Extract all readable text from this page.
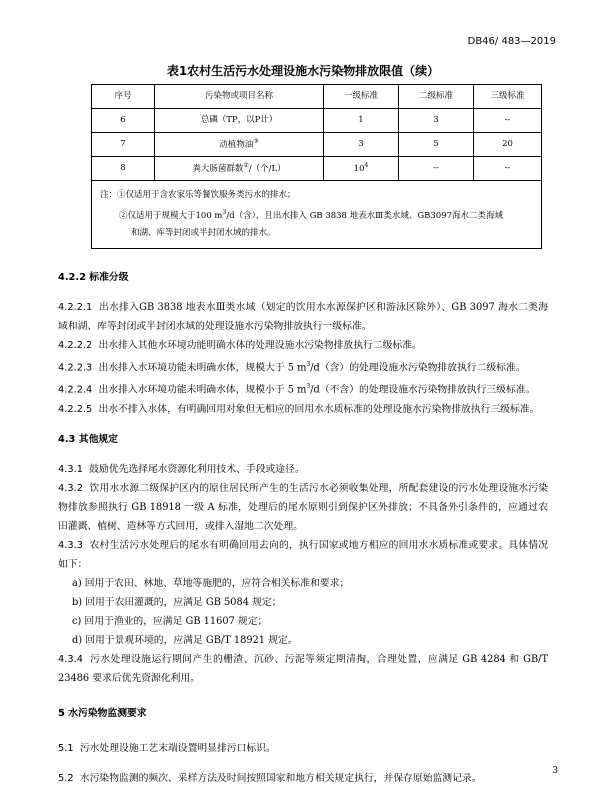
DB46/ 483—2019
表1农村生活污水处理设施水污染物排放限值（续）
序号	污染物或项目名称	一级标准	二级标准	三级标准
6	总磷（TP，以P计）	1	3	--
7	动植物油③	3	5	20
8	粪大肠菌群数②/（个/L）	$10^4$	--	--

注：①仅适用于含农家乐等餐饮服务类污水的排水；
②仅适用于规模大于100 $m^3/d$（含），且出水排入 GB 3838 地表水Ⅲ类水域、GB3097海水二类海域
和湖、库等封闭或半封闭水域的排水。				

4.2.2 标准分级

4.2.2.1 出水排入GB 3838 地表水Ⅲ类水域（划定的饮用水水源保护区和游泳区除外）、GB 3097 海水二类海域和湖、库等封闭或半封闭水域的处理设施水污染物排放执行一级标准。

4.2.2.2 出水排入其他水环境功能明确水体的处理设施水污染物排放执行二级标准。

4.2.2.3 出水排入水环境功能未明确水体，规模大于 5 $m^3/d$（含）的处理设施水污染物排放执行二级标准。

4.2.2.4 出水排入水环境功能未明确水体，规模小于 5 $m^3/d$（不含）的处理设施水污染物排放执行三级标准。

4.2.2.5 出水不排入水体，有明确回用对象但无相应的回用水水质标准的处理设施水污染物排放执行三级标准。

4.3 其他规定

4.3.1 鼓励优先选择尾水资源化利用技术、手段或途径。

4.3.2 饮用水水源二级保护区内的原住居民所产生的生活污水必须收集处理，所配套建设的污水处理设施水污染物排放参照执行 GB 18918 一级 A 标准，处理后的尾水原则引到保护区外排放；不具备外引条件的，应通过农田灌溉、植树、造林等方式回用，或排入湿地二次处理。

4.3.3 农村生活污水处理后的尾水有明确回用去向的，执行国家或地方相应的回用水水质标准或要求。具体情况如下：

a) 回用于农田、林地、草地等施肥的，应符合相关标准和要求；

b) 回用于农田灌溉的，应满足 GB 5084 规定；

c) 回用于渔业的，应满足 GB 11607 规定；

d) 回用于景观环境的，应满足 GB/T 18921 规定。

4.3.4 污水处理设施运行期间产生的栅渣、沉砂、污泥等须定期清掏，合理处置，应满足 GB 4284 和 GB/T 23486 要求后优先资源化利用。

5 水污染物监测要求

5.1 污水处理设施工艺末端设置明显排污口标识。

5.2 水污染物监测的频次、采样方法及时间按照国家和地方相关规定执行，并保存原始监测记录。

3
